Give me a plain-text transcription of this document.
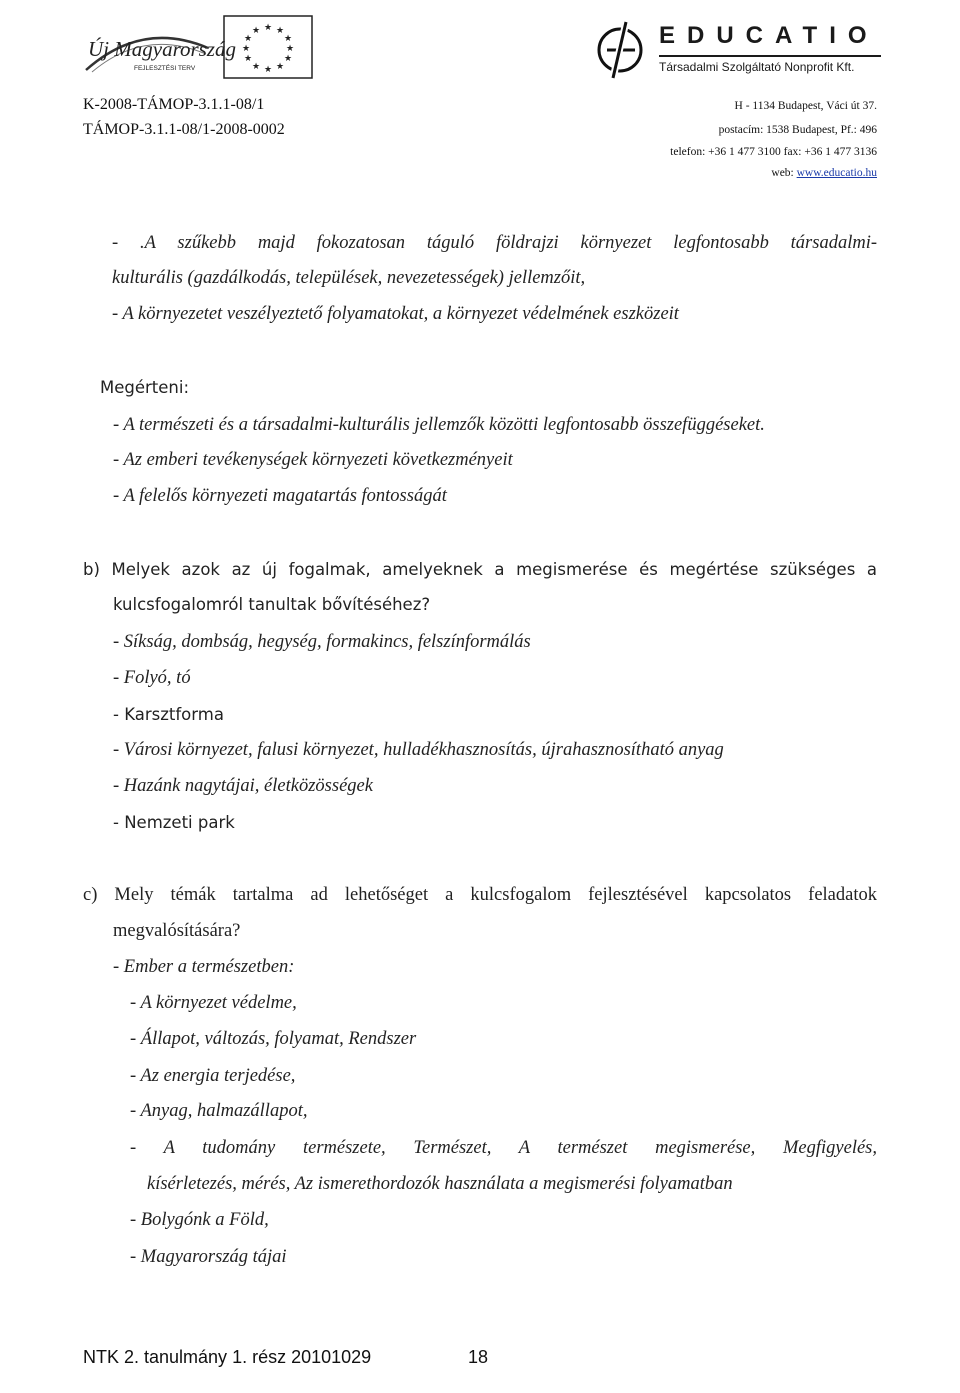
Új Magyarország
FEJLESZTÉSI TERV
★ ★
★
★
★
★
★
★
★
★
★
★	EDUCATIO
Társadalmi Szolgáltató Nonprofit Kft.
K-2008-TÁMOP-3.1.1-08/1
TÁMOP-3.1.1-08/1-2008-0002
H - 1134 Budapest, Váci út 37.
postacím: 1538 Budapest, Pf.: 496
telefon: +36 1 477 3100 fax: +36 1 477 3136
web: www.educatio.hu
- .A szűkebb majd fokozatosan táguló földrajzi környezet legfontosabb társadalmi-
kulturális (gazdálkodás, települések, nevezetességek) jellemzőit,
- A környezetet veszélyeztető folyamatokat, a környezet védelmének eszközeit
Megérteni:
- A természeti és a társadalmi-kulturális jellemzők közötti legfontosabb összefüggéseket.
- Az emberi tevékenységek környezeti következményeit
- A felelős környezeti magatartás fontosságát
b) Melyek azok az új fogalmak, amelyeknek a megismerése és megértése szükséges a
kulcsfogalomról tanultak bővítéséhez?
- Síkság, dombság, hegység, formakincs, felszínformálás
- Folyó, tó
- Karsztforma
- Városi környezet, falusi környezet, hulladékhasznosítás, újrahasznosítható anyag
- Hazánk nagytájai, életközösségek
- Nemzeti park
c) Mely témák tartalma ad lehetőséget a kulcsfogalom fejlesztésével kapcsolatos feladatok
megvalósítására?
- Ember a természetben:
- A környezet védelme,
- Állapot, változás, folyamat, Rendszer
- Az energia terjedése,
- Anyag, halmazállapot,
- A tudomány természete, Természet, A természet megismerése, Megfigyelés,
kísérletezés, mérés, Az ismerethordozók használata a megismerési folyamatban
- Bolygónk a Föld,
- Magyarország tájai
NTK 2. tanulmány 1. rész 20101029	18
